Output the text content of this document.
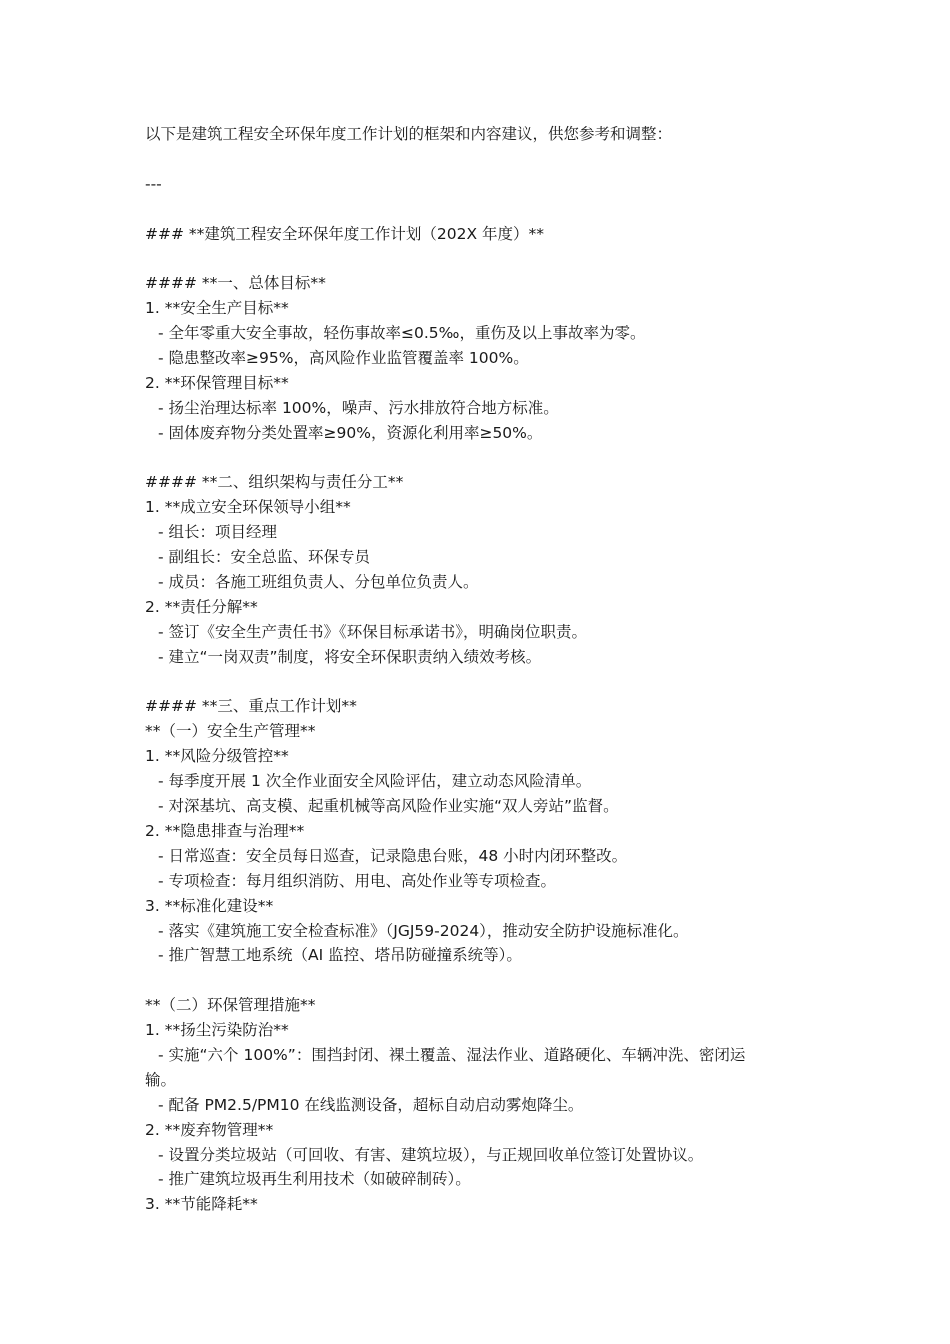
以下是建筑工程安全环保年度工作计划的框架和内容建议，供您参考和调整：
---
### **建筑工程安全环保年度工作计划（202X 年度）**
#### **一、总体目标**
1. **安全生产目标**
- 全年零重大安全事故，轻伤事故率≤0.5‰，重伤及以上事故率为零。
- 隐患整改率≥95%，高风险作业监管覆盖率 100%。
2. **环保管理目标**
- 扬尘治理达标率 100%，噪声、污水排放符合地方标准。
- 固体废弃物分类处置率≥90%，资源化利用率≥50%。
#### **二、组织架构与责任分工**
1. **成立安全环保领导小组**
- 组长：项目经理
- 副组长：安全总监、环保专员
- 成员：各施工班组负责人、分包单位负责人。
2. **责任分解**
- 签订《安全生产责任书》《环保目标承诺书》，明确岗位职责。
- 建立“一岗双责”制度，将安全环保职责纳入绩效考核。
#### **三、重点工作计划**
**（一）安全生产管理**
1. **风险分级管控**
- 每季度开展 1 次全作业面安全风险评估，建立动态风险清单。
- 对深基坑、高支模、起重机械等高风险作业实施“双人旁站”监督。
2. **隐患排查与治理**
- 日常巡查：安全员每日巡查，记录隐患台账，48 小时内闭环整改。
- 专项检查：每月组织消防、用电、高处作业等专项检查。
3. **标准化建设**
- 落实《建筑施工安全检查标准》（JGJ59-2024），推动安全防护设施标准化。
- 推广智慧工地系统（AI 监控、塔吊防碰撞系统等）。
**（二）环保管理措施**
1. **扬尘污染防治**
- 实施“六个 100%”：围挡封闭、裸土覆盖、湿法作业、道路硬化、车辆冲洗、密闭运
输。
- 配备 PM2.5/PM10 在线监测设备，超标自动启动雾炮降尘。
2. **废弃物管理**
- 设置分类垃圾站（可回收、有害、建筑垃圾），与正规回收单位签订处置协议。
- 推广建筑垃圾再生利用技术（如破碎制砖）。
3. **节能降耗**
